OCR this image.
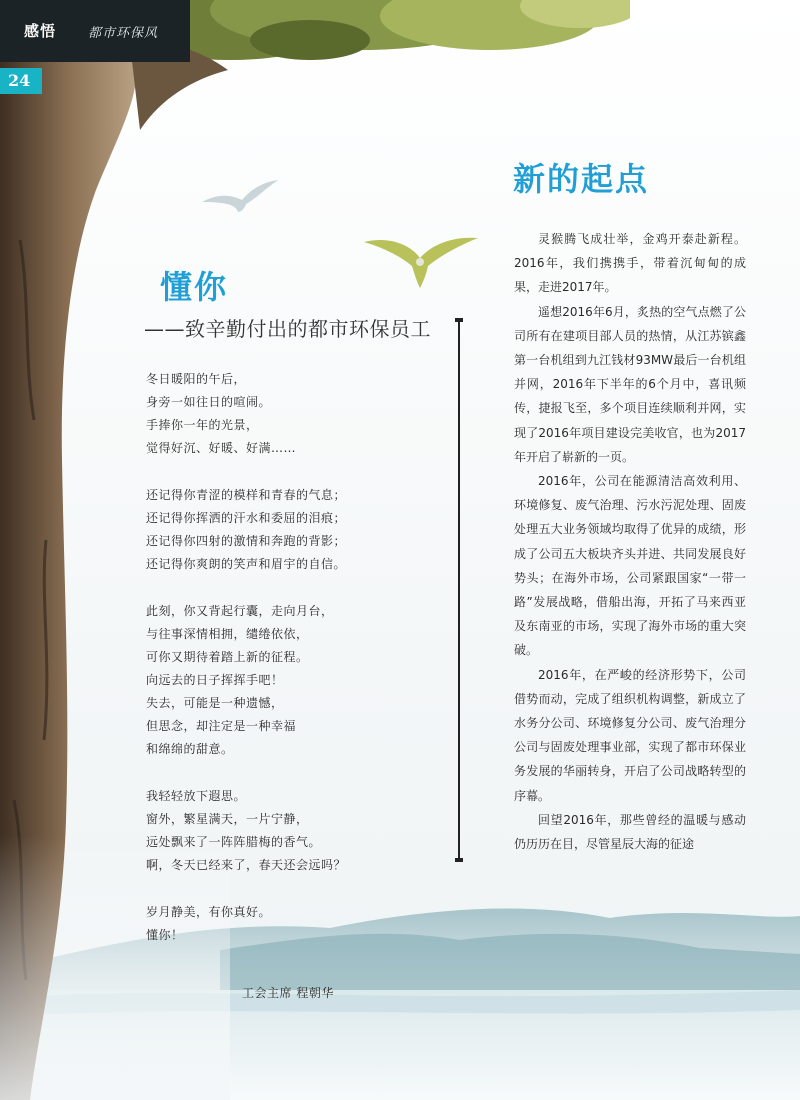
感悟 都市环保风
24
懂你
——致辛勤付出的都市环保员工
冬日暖阳的午后，
身旁一如往日的喧闹。
手捧你一年的光景，
觉得好沉、好暖、好满……
还记得你青涩的模样和青春的气息；
还记得你挥洒的汗水和委屈的泪痕；
还记得你四射的激情和奔跑的背影；
还记得你爽朗的笑声和眉宇的自信。
此刻，你又背起行囊，走向月台，
与往事深情相拥，缱绻依依，
可你又期待着踏上新的征程。
向远去的日子挥挥手吧！
失去，可能是一种遗憾，
但思念，却注定是一种幸福
和绵绵的甜意。
我轻轻放下遐思。
窗外，繁星满天，一片宁静，
远处飘来了一阵阵腊梅的香气。
啊，冬天已经来了，春天还会远吗？
岁月静美，有你真好。
懂你！
工会主席 程朝华
新的起点

灵猴腾飞成壮举，金鸡开泰赴新程。2016年，我们携携手，带着沉甸甸的成果，走进2017年。

遥想2016年6月，炙热的空气点燃了公司所有在建项目部人员的热情，从江苏镔鑫第一台机组到九江钱材93MW最后一台机组并网，2016年下半年的6个月中，喜讯频传，捷报飞至，多个项目连续顺利并网，实现了2016年项目建设完美收官，也为2017年开启了崭新的一页。

2016年，公司在能源清洁高效利用、环境修复、废气治理、污水污泥处理、固废处理五大业务领域均取得了优异的成绩，形成了公司五大板块齐头并进、共同发展良好势头；在海外市场，公司紧跟国家“一带一路”发展战略，借船出海，开拓了马来西亚及东南亚的市场，实现了海外市场的重大突破。

2016年，在严峻的经济形势下，公司借势而动，完成了组织机构调整，新成立了水务分公司、环境修复分公司、废气治理分公司与固废处理事业部，实现了都市环保业务发展的华丽转身，开启了公司战略转型的序幕。

回望2016年，那些曾经的温暖与感动仍历历在目，尽管星辰大海的征途
